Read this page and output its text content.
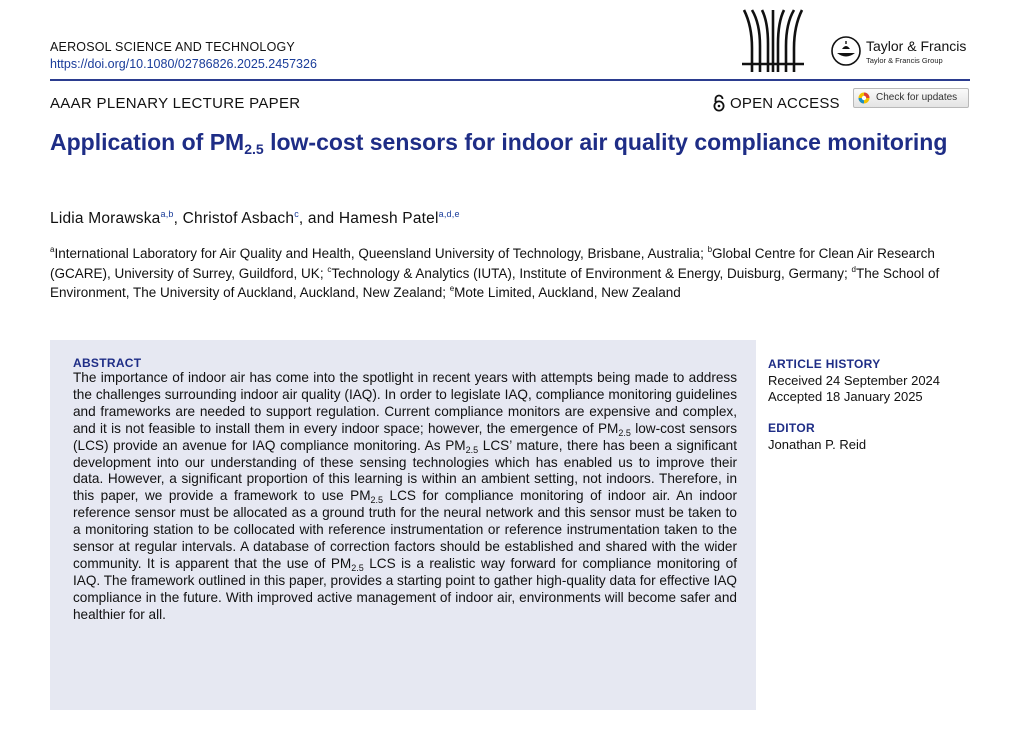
AEROSOL SCIENCE AND TECHNOLOGY
https://doi.org/10.1080/02786826.2025.2457326
Taylor & Francis
Taylor & Francis Group
AAAR PLENARY LECTURE PAPER	OPEN ACCESS	Check for updates
Application of $PM_{2.5}$ low-cost sensors for indoor air quality compliance monitoring
Lidia Morawska$^{a,b}$, Christof Asbach$^c$, and Hamesh Patel$^{a,d,e}$
$^a$International Laboratory for Air Quality and Health, Queensland University of Technology, Brisbane, Australia; $^b$Global Centre for Clean Air Research (GCARE), University of Surrey, Guildford, UK; $^c$Technology & Analytics (IUTA), Institute of Environment & Energy, Duisburg, Germany; $^d$The School of Environment, The University of Auckland, Auckland, New Zealand; $^e$Mote Limited, Auckland, New Zealand
ABSTRACT

The importance of indoor air has come into the spotlight in recent years with attempts being made to address the challenges surrounding indoor air quality (IAQ). In order to legislate IAQ, compliance monitoring guidelines and frameworks are needed to support regulation. Current compliance monitors are expensive and complex, and it is not feasible to install them in every indoor space; however, the emergence of $PM_{2.5}$ low-cost sensors (LCS) provide an avenue for IAQ compliance monitoring. As $PM_{2.5}$ LCS’ mature, there has been a significant development into our understanding of these sensing technologies which has enabled us to improve their data. However, a significant proportion of this learning is within an ambient setting, not indoors. Therefore, in this paper, we provide a framework to use $PM_{2.5}$ LCS for compliance monitoring of indoor air. An indoor reference sensor must be allocated as a ground truth for the neural network and this sensor must be taken to a monitoring station to be collocated with reference instrumentation or reference instrumentation taken to the sensor at regular intervals. A database of correction factors should be established and shared with the wider community. It is apparent that the use of $PM_{2.5}$ LCS is a realistic way forward for compliance monitoring of IAQ. The framework outlined in this paper, provides a starting point to gather high-quality data for effective IAQ compliance in the future. With improved active management of indoor air, environments will become safer and healthier for all.

ARTICLE HISTORY
Received 24 September 2024
Accepted 18 January 2025
EDITOR
Jonathan P. Reid
